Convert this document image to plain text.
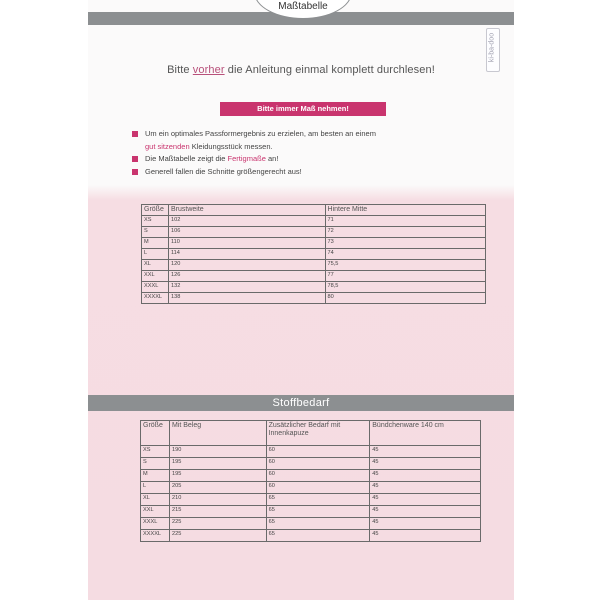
Maßtabelle
ki-ba-doo
Bitte vorher die Anleitung einmal komplett durchlesen!
Bitte immer Maß nehmen!
Um ein optimales Passformergebnis zu erzielen, am besten an einem
gut sitzenden Kleidungsstück messen.
Die Maßtabelle zeigt die Fertigmaße an!
Generell fallen die Schnitte größengerecht aus!
Größe	Brustweite	Hintere Mitte
XS	102	71
S	106	72
M	110	73
L	114	74
XL	120	75,5
XXL	126	77
XXXL	132	78,5
XXXXL	138	80
Stoffbedarf
Größe	Mit Beleg	Zusätzlicher Bedarf mit Innenkapuze	Bündchenware 140 cm
XS	190	60	45
S	195	60	45
M	195	60	45
L	205	60	45
XL	210	65	45
XXL	215	65	45
XXXL	225	65	45
XXXXL	225	65	45
